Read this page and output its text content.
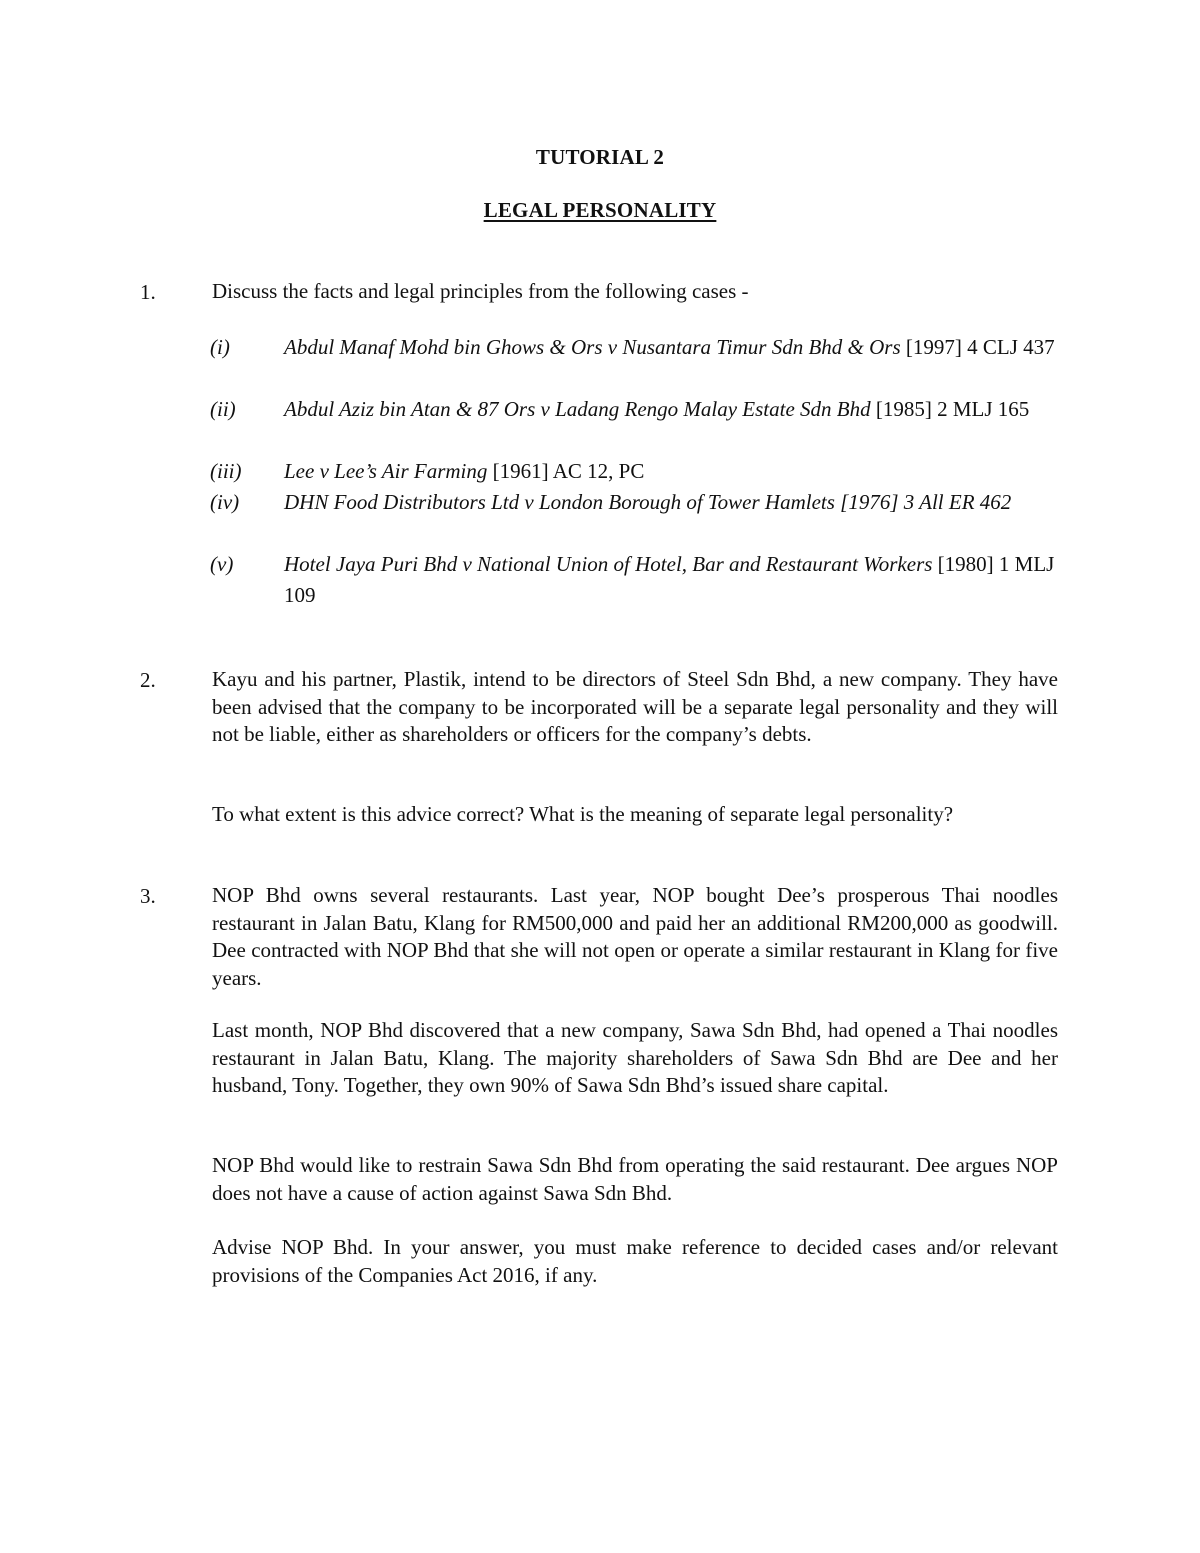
TUTORIAL 2
LEGAL PERSONALITY
1.	Discuss the facts and legal principles from the following cases -
(i)	Abdul Manaf Mohd bin Ghows & Ors v Nusantara Timur Sdn Bhd & Ors [1997] 4 CLJ 437
(ii) Abdul Aziz bin Atan & 87 Ors v Ladang Rengo Malay Estate Sdn Bhd [1985] 2 MLJ 165
(iii) Lee v Lee’s Air Farming [1961] AC 12, PC
(iv) DHN Food Distributors Ltd v London Borough of Tower Hamlets [1976] 3 All ER 462
(v) Hotel Jaya Puri Bhd v National Union of Hotel, Bar and Restaurant Workers [1980] 1 MLJ 109
2.	Kayu and his partner, Plastik, intend to be directors of Steel Sdn Bhd, a new company. They have been advised that the company to be incorporated will be a separate legal personality and they will not be liable, either as shareholders or officers for the company’s debts.
To what extent is this advice correct? What is the meaning of separate legal personality?
3.	NOP Bhd owns several restaurants. Last year, NOP bought Dee’s prosperous Thai noodles restaurant in Jalan Batu, Klang for RM500,000 and paid her an additional RM200,000 as goodwill. Dee contracted with NOP Bhd that she will not open or operate a similar restaurant in Klang for five years.
Last month, NOP Bhd discovered that a new company, Sawa Sdn Bhd, had opened a Thai noodles restaurant in Jalan Batu, Klang. The majority shareholders of Sawa Sdn Bhd are Dee and her husband, Tony. Together, they own 90% of Sawa Sdn Bhd’s issued share capital.
NOP Bhd would like to restrain Sawa Sdn Bhd from operating the said restaurant. Dee argues NOP does not have a cause of action against Sawa Sdn Bhd.
Advise NOP Bhd. In your answer, you must make reference to decided cases and/or relevant provisions of the Companies Act 2016, if any.
